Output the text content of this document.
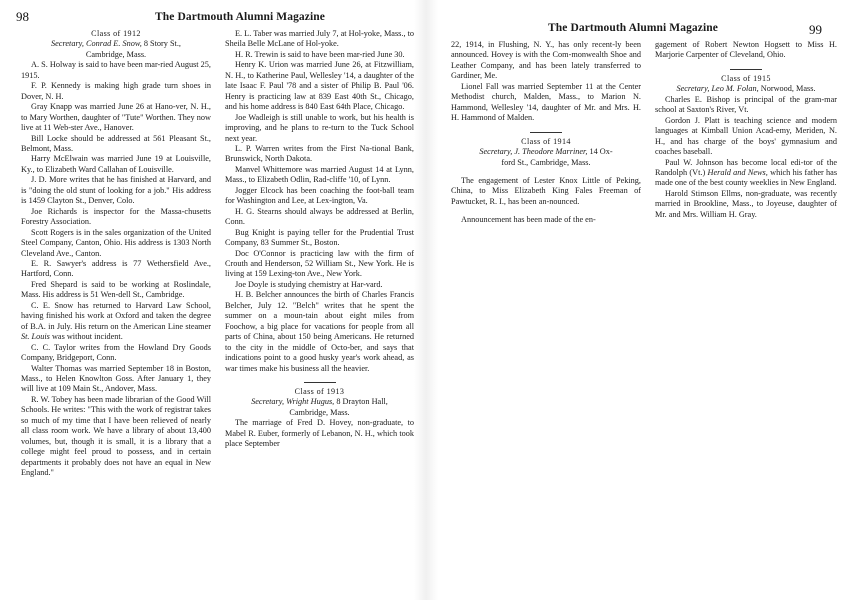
98	The Dartmouth Alumni Magazine

Class of 1912

Secretary, Conrad E. Snow, 8 Story St.,

Cambridge, Mass.

A. S. Holway is said to have been mar-ried August 25, 1915.

F. P. Kennedy is making high grade turn shoes in Dover, N. H.

Gray Knapp was married June 26 at Hano-ver, N. H., to Mary Worthen, daughter of "Tute" Worthen. They now live at 11 Web-ster Ave., Hanover.

Bill Locke should be addressed at 561 Pleasant St., Belmont, Mass.

Harry McElwain was married June 19 at Louisville, Ky., to Elizabeth Ward Callahan of Louisville.

J. D. More writes that he has finished at Harvard, and is "doing the old stunt of looking for a job." His address is 1459 Clayton St., Denver, Colo.

Joe Richards is inspector for the Massa-chusetts Forestry Association.

Scott Rogers is in the sales organization of the United Steel Company, Canton, Ohio. His address is 1303 North Cleveland Ave., Canton.

E. R. Sawyer's address is 77 Wethersfield Ave., Hartford, Conn.

Fred Shepard is said to be working at Roslindale, Mass. His address is 51 Wen-dell St., Cambridge.

C. E. Snow has returned to Harvard Law School, having finished his work at Oxford and taken the degree of B.A. in July. His return on the American Line steamer St. Louis was without incident.

C. C. Taylor writes from the Howland Dry Goods Company, Bridgeport, Conn.

Walter Thomas was married September 18 in Boston, Mass., to Helen Knowlton Goss. After January 1, they will live at 109 Main St., Andover, Mass.

R. W. Tobey has been made librarian of the Good Will Schools. He writes: "This with the work of registrar takes so much of my time that I have been relieved of nearly all class room work. We have a library of about 13,400 volumes, but, though it is small, it is a library that a college might feel proud to possess, and in certain departments it probably does not have an equal in New England."

E. L. Taber was married July 7, at Hol-yoke, Mass., to Sheila Belle McLane of Hol-yoke.

H. R. Trewin is said to have been mar-ried June 30.

Henry K. Urion was married June 26, at Fitzwilliam, N. H., to Katherine Paul, Wellesley '14, a daughter of the late Isaac F. Paul '78 and a sister of Philip B. Paul '06. Henry is practicing law at 839 East 40th St., Chicago, and his home address is 840 East 64th Place, Chicago.

Joe Wadleigh is still unable to work, but his health is improving, and he plans to re-turn to the Tuck School next year.

L. P. Warren writes from the First Na-tional Bank, Brunswick, North Dakota.

Manvel Whittemore was married August 14 at Lynn, Mass., to Elizabeth Odlin, Rad-cliffe '10, of Lynn.

Jogger Elcock has been coaching the foot-ball team for Washington and Lee, at Lex-ington, Va.

H. G. Stearns should always be addressed at Berlin, Conn.

Bug Knight is paying teller for the Prudential Trust Company, 83 Summer St., Boston.

Doc O'Connor is practicing law with the firm of Crouth and Henderson, 52 William St., New York. He is living at 159 Lexing-ton Ave., New York.

Joe Doyle is studying chemistry at Har-vard.

H. B. Belcher announces the birth of Charles Francis Belcher, July 12. "Belch" writes that he spent the summer on a moun-tain about eight miles from Foochow, a big place for vacations for people from all parts of China, about 150 being Americans. He returned to the city in the middle of Octo-ber, and says that indications point to a good husky year's work ahead, as war times make his business all the heavier.

Class of 1913

Secretary, Wright Hugus, 8 Drayton Hall,

Cambridge, Mass.

The marriage of Fred D. Hovey, non-graduate, to Mabel R. Euber, formerly of Lebanon, N. H., which took place September

The Dartmouth Alumni Magazine	99

22, 1914, in Flushing, N. Y., has only recent-ly been announced. Hovey is with the Com-monwealth Shoe and Leather Company, and has been lately transferred to Gardiner, Me.

Lionel Fall was married September 11 at the Center Methodist church, Malden, Mass., to Marion N. Hammond, Wellesley '14, daughter of Mr. and Mrs. H. H. Hammond of Malden.

Class of 1914

Secretary, J. Theodore Marriner, 14 Ox-

ford St., Cambridge, Mass.

The engagement of Lester Knox Little of Peking, China, to Miss Elizabeth King Fales Freeman of Pawtucket, R. I., has been an-nounced.

Announcement has been made of the en-

gagement of Robert Newton Hogsett to Miss H. Marjorie Carpenter of Cleveland, Ohio.

Class of 1915

Secretary, Leo M. Folan, Norwood, Mass.

Charles E. Bishop is principal of the gram-mar school at Saxton's River, Vt.

Gordon J. Platt is teaching science and modern languages at Kimball Union Acad-emy, Meriden, N. H., and has charge of the boys' gymnasium and coaches baseball.

Paul W. Johnson has become local edi-tor of the Randolph (Vt.) Herald and News, which his father has made one of the best county weeklies in New England.

Harold Stimson Ellms, non-graduate, was recently married in Brookline, Mass., to Joyeuse, daughter of Mr. and Mrs. William H. Gray.
